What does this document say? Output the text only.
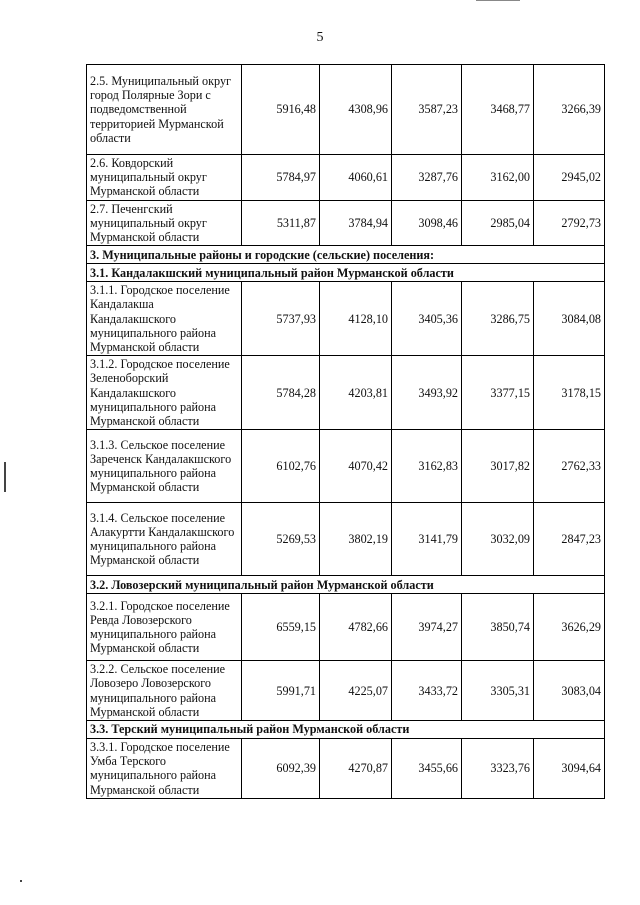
5
2.5. Муниципальный округ город Полярные Зори с подведомственной территорией Мурманской области	5916,48	4308,96	3587,23	3468,77	3266,39
2.6. Ковдорский муниципальный округ Мурманской области	5784,97	4060,61	3287,76	3162,00	2945,02
2.7. Печенгский муниципальный округ Мурманской области	5311,87	3784,94	3098,46	2985,04	2792,73
3. Муниципальные районы и городские (сельские) поселения:					
3.1. Кандалакшский муниципальный район Мурманской области					
3.1.1. Городское поселение Кандалакша Кандалакшского муниципального района Мурманской области	5737,93	4128,10	3405,36	3286,75	3084,08
3.1.2. Городское поселение Зеленоборский Кандалакшского муниципального района Мурманской области	5784,28	4203,81	3493,92	3377,15	3178,15
3.1.3. Сельское поселение Зареченск Кандалакшского муниципального района Мурманской области	6102,76	4070,42	3162,83	3017,82	2762,33
3.1.4. Сельское поселение Алакуртти Кандалакшского муниципального района Мурманской области	5269,53	3802,19	3141,79	3032,09	2847,23
3.2. Ловозерский муниципальный район Мурманской области					
3.2.1. Городское поселение Ревда Ловозерского муниципального района Мурманской области	6559,15	4782,66	3974,27	3850,74	3626,29
3.2.2. Сельское поселение Ловозеро Ловозерского муниципального района Мурманской области	5991,71	4225,07	3433,72	3305,31	3083,04
3.3. Терский муниципальный район Мурманской области					
3.3.1. Городское поселение Умба Терского муниципального района Мурманской области	6092,39	4270,87	3455,66	3323,76	3094,64
